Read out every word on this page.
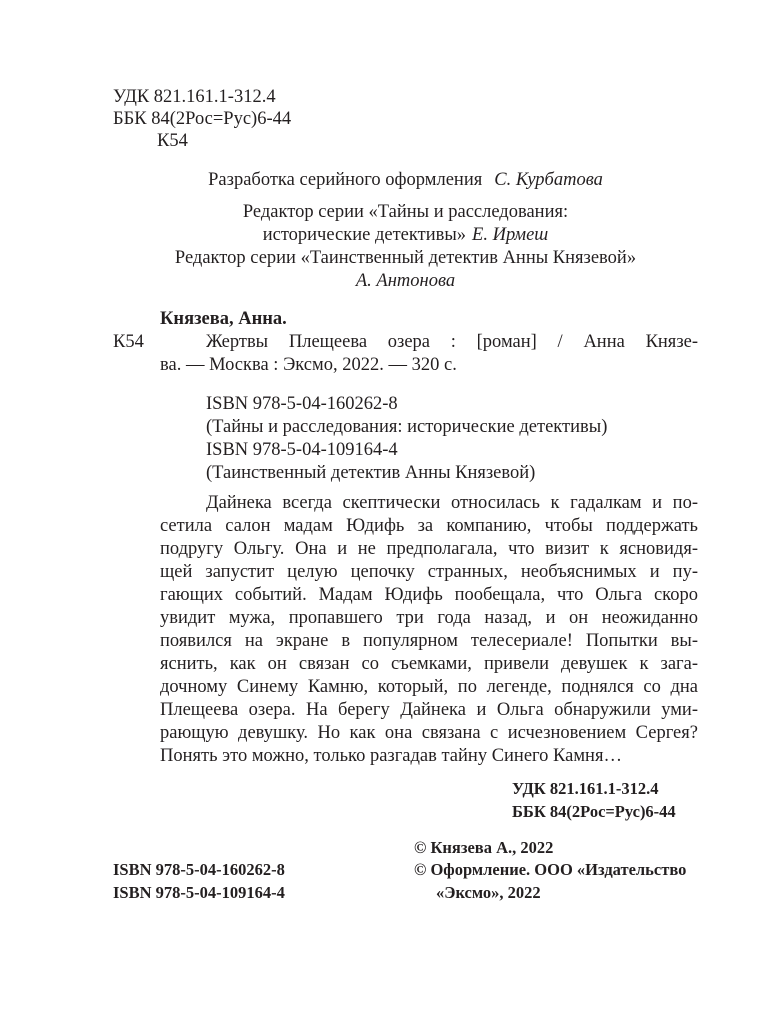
УДК 821.161.1-312.4
ББК 84(2Рос=Рус)6-44
К54
Разработка серийного оформления С. Курбатова
Редактор серии «Тайны и расследования:
исторические детективы» Е. Ирмеш
Редактор серии «Таинственный детектив Анны Князевой»
А. Антонова
Князева, Анна.
К54	Жертвы Плещеева озера : [роман] / Анна Князе-
ва. — Москва : Эксмо, 2022. — 320 с.
ISBN 978-5-04-160262-8
(Тайны и расследования: исторические детективы)
ISBN 978-5-04-109164-4
(Таинственный детектив Анны Князевой)
Дайнека всегда скептически относилась к гадалкам и по-
сетила салон мадам Юдифь за компанию, чтобы поддержать
подругу Ольгу. Она и не предполагала, что визит к ясновидя-
щей запустит целую цепочку странных, необъяснимых и пу-
гающих событий. Мадам Юдифь пообещала, что Ольга скоро
увидит мужа, пропавшего три года назад, и он неожиданно
появился на экране в популярном телесериале! Попытки вы-
яснить, как он связан со съемками, привели девушек к зага-
дочному Синему Камню, который, по легенде, поднялся со дна
Плещеева озера. На берегу Дайнека и Ольга обнаружили уми-
рающую девушку. Но как она связана с исчезновением Сергея?
Понять это можно, только разгадав тайну Синего Камня…
УДК 821.161.1-312.4
ББК 84(2Рос=Рус)6-44
© Князева А., 2022
ISBN 978-5-04-160262-8	© Оформление. ООО «Издательство
ISBN 978-5-04-109164-4	«Эксмо», 2022
